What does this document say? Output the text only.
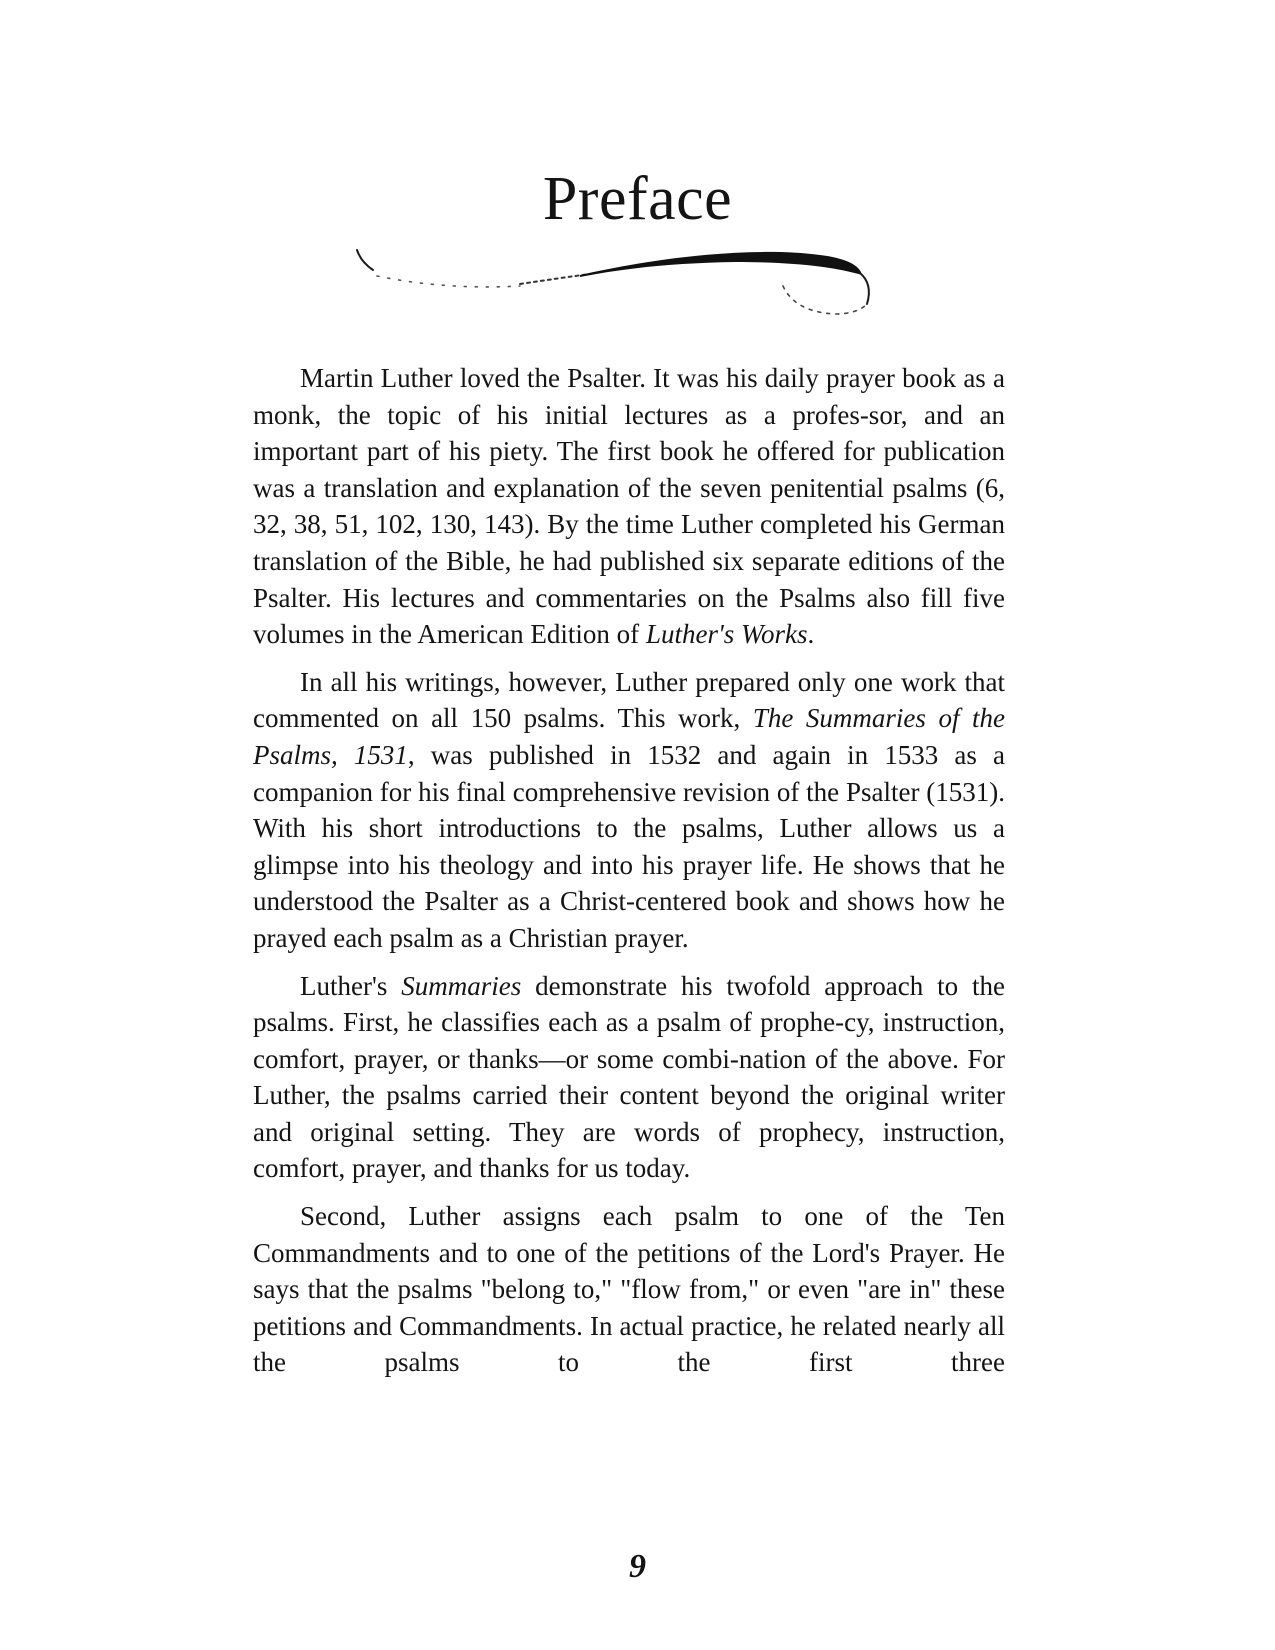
Preface

Martin Luther loved the Psalter. It was his daily prayer book as a monk, the topic of his initial lectures as a profes-sor, and an important part of his piety. The first book he offered for publication was a translation and explanation of the seven penitential psalms (6, 32, 38, 51, 102, 130, 143). By the time Luther completed his German translation of the Bible, he had published six separate editions of the Psalter. His lectures and commentaries on the Psalms also fill five volumes in the American Edition of Luther's Works.

In all his writings, however, Luther prepared only one work that commented on all 150 psalms. This work, The Summaries of the Psalms, 1531, was published in 1532 and again in 1533 as a companion for his final comprehensive revision of the Psalter (1531). With his short introductions to the psalms, Luther allows us a glimpse into his theology and into his prayer life. He shows that he understood the Psalter as a Christ-centered book and shows how he prayed each psalm as a Christian prayer.

Luther's Summaries demonstrate his twofold approach to the psalms. First, he classifies each as a psalm of prophe-cy, instruction, comfort, prayer, or thanks—or some combi-nation of the above. For Luther, the psalms carried their content beyond the original writer and original setting. They are words of prophecy, instruction, comfort, prayer, and thanks for us today.

Second, Luther assigns each psalm to one of the Ten Commandments and to one of the petitions of the Lord's Prayer. He says that the psalms "belong to," "flow from," or even "are in" these petitions and Commandments. In actual practice, he related nearly all the psalms to the first three

9
